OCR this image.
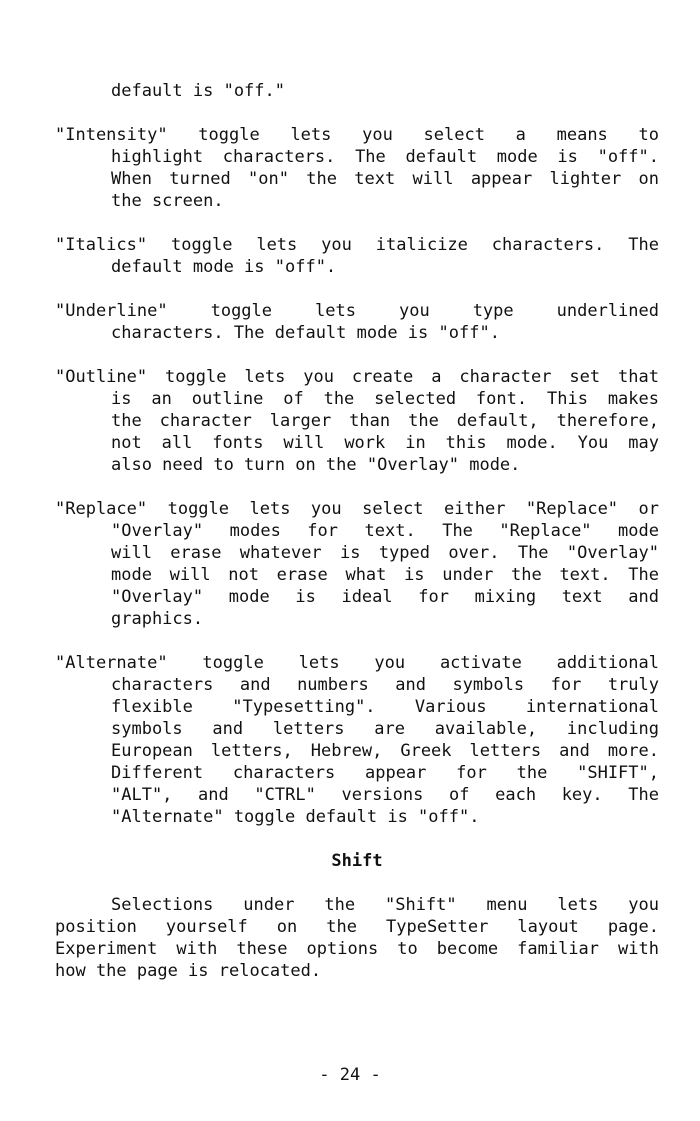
default is "off."
"Intensity" toggle lets you select a means to
highlight characters. The default mode is "off".
When turned "on" the text will appear lighter on
the screen.
"Italics" toggle lets you italicize characters. The
default mode is "off".
"Underline" toggle lets you type underlined
characters. The default mode is "off".
"Outline" toggle lets you create a character set that
is an outline of the selected font. This makes
the character larger than the default, therefore,
not all fonts will work in this mode. You may
also need to turn on the "Overlay" mode.
"Replace" toggle lets you select either "Replace" or
"Overlay" modes for text. The "Replace" mode
will erase whatever is typed over. The "Overlay"
mode will not erase what is under the text. The
"Overlay" mode is ideal for mixing text and
graphics.
"Alternate" toggle lets you activate additional
characters and numbers and symbols for truly
flexible "Typesetting". Various international
symbols and letters are available, including
European letters, Hebrew, Greek letters and more.
Different characters appear for the "SHIFT",
"ALT", and "CTRL" versions of each key. The
"Alternate" toggle default is "off".
Shift
Selections under the "Shift" menu lets you
position yourself on the TypeSetter layout page.
Experiment with these options to become familiar with
how the page is relocated.
- 24 -
